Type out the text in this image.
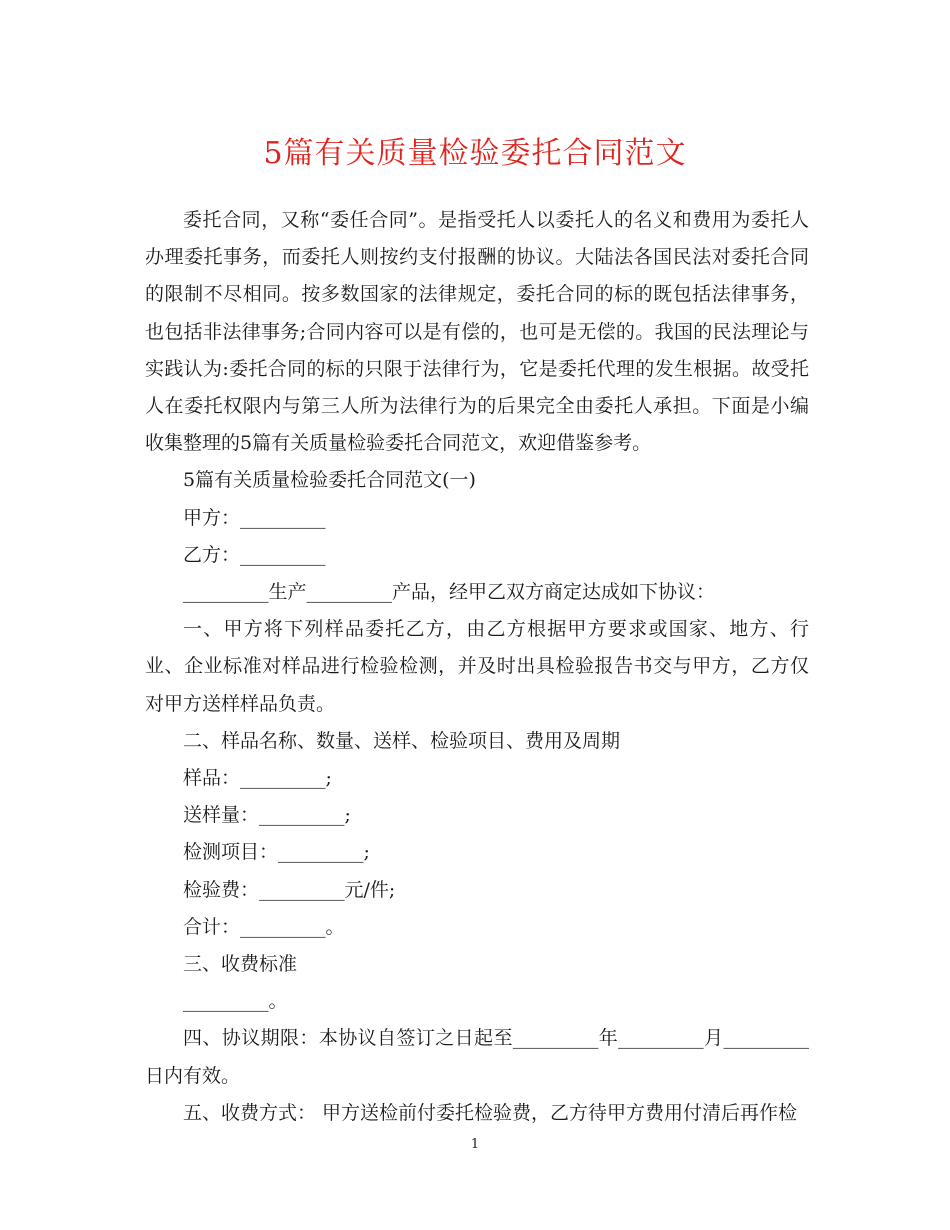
5篇有关质量检验委托合同范文

委托合同，又称“委任合同”。是指受托人以委托人的名义和费用为委托人办理委托事务，而委托人则按约支付报酬的协议。大陆法各国民法对委托合同的限制不尽相同。按多数国家的法律规定，委托合同的标的既包括法律事务，也包括非法律事务;合同内容可以是有偿的，也可是无偿的。我国的民法理论与实践认为:委托合同的标的只限于法律行为，它是委托代理的发生根据。故受托人在委托权限内与第三人所为法律行为的后果完全由委托人承担。下面是小编收集整理的5篇有关质量检验委托合同范文，欢迎借鉴参考。

5篇有关质量检验委托合同范文(一)

甲方：_________

乙方：_________

_________生产_________产品，经甲乙双方商定达成如下协议：

一、甲方将下列样品委托乙方，由乙方根据甲方要求或国家、地方、行业、企业标准对样品进行检验检测，并及时出具检验报告书交与甲方，乙方仅对甲方送样样品负责。

二、样品名称、数量、送样、检验项目、费用及周期

样品：_________;

送样量：_________;

检测项目：_________;

检验费：_________元/件;

合计：_________。

三、收费标准

_________。

四、协议期限：本协议自签订之日起至_________年_________月_________日内有效。

五、收费方式： 甲方送检前付委托检验费，乙方待甲方费用付清后再作检

1
